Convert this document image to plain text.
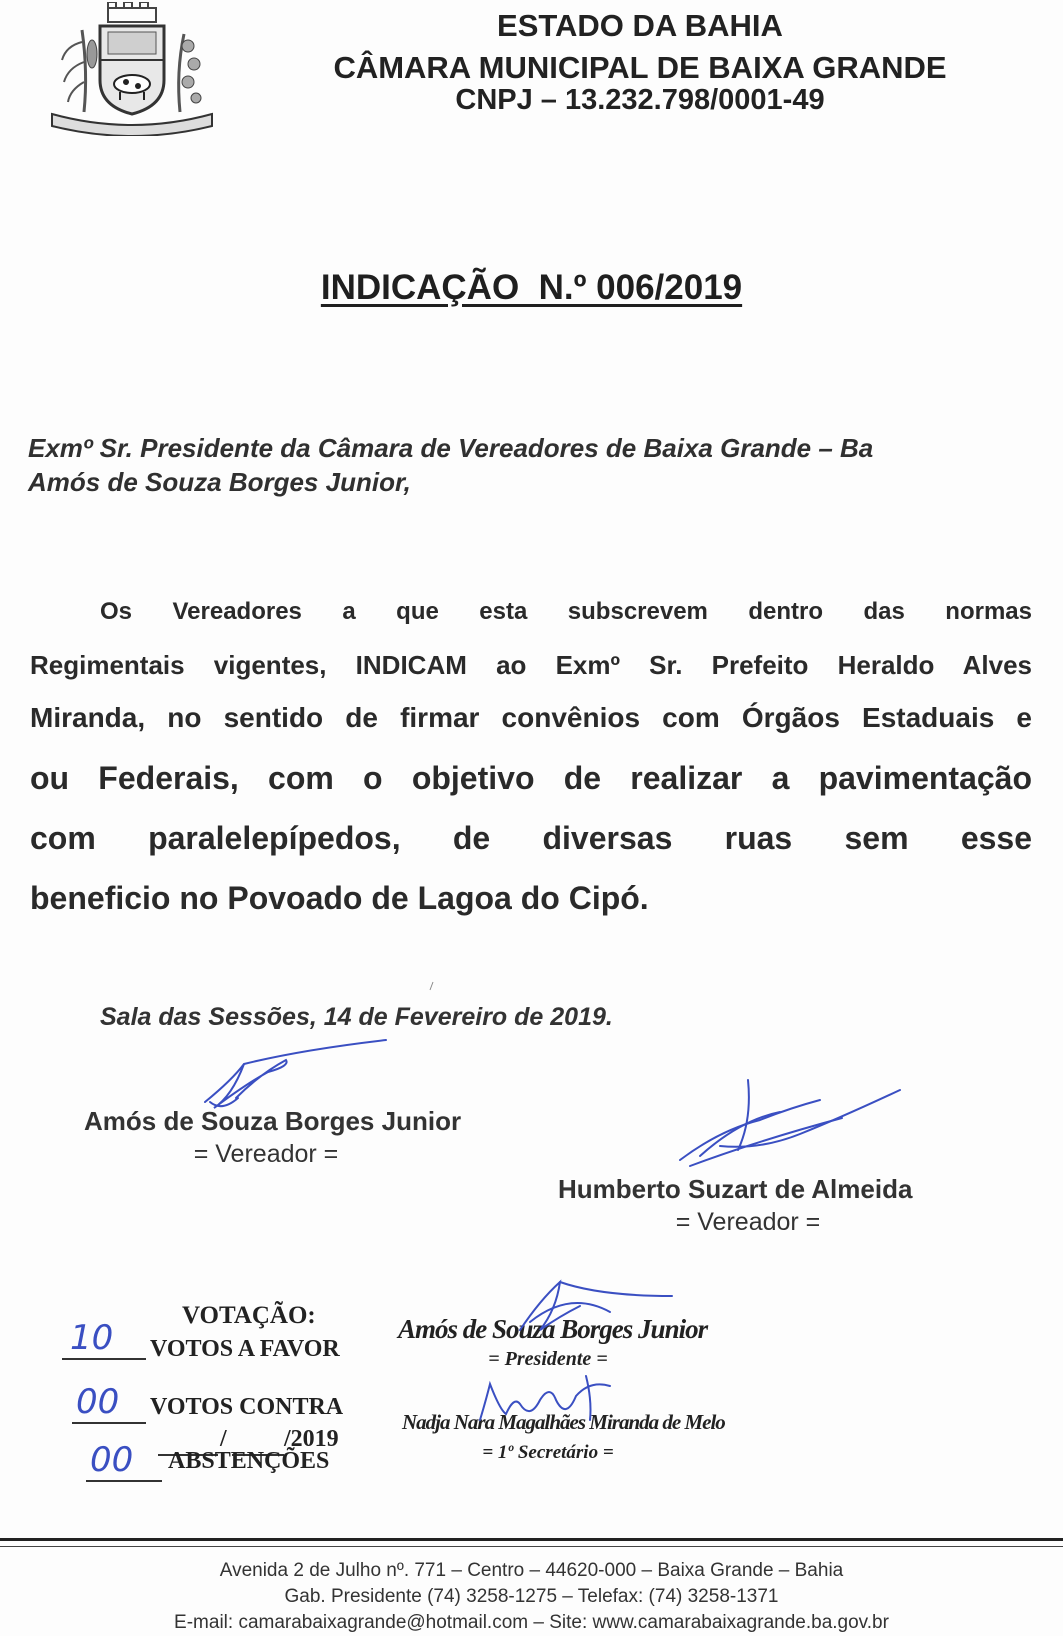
ESTADO DA BAHIA
CÂMARA MUNICIPAL DE BAIXA GRANDE
CNPJ – 13.232.798/0001-49
INDICAÇÃO  N.º 006/2019
Exmº Sr. Presidente da Câmara de Vereadores de Baixa Grande – Ba
Amós de Souza Borges Junior,
Os Vereadores a que esta subscrevem dentro das normas
Regimentais vigentes, INDICAM ao Exmº Sr. Prefeito Heraldo Alves
Miranda, no sentido de firmar convênios com Órgãos Estaduais e
ou Federais, com o objetivo de realizar a pavimentação
com paralelepípedos, de diversas ruas sem esse
beneficio no Povoado de Lagoa do Cipó.
Sala das Sessões, 14 de Fevereiro de 2019.
Amós de Souza Borges Junior
= Vereador =
Humberto Suzart de Almeida
= Vereador =
VOTAÇÃO:
10 VOTOS A FAVOR
00 VOTOS CONTRA
/ /2019
00 ABSTENÇÕES
Amós de Souza Borges Junior
= Presidente =
Nadja Nara Magalhães Miranda de Melo
= 1º Secretário =
Avenida 2 de Julho nº. 771 – Centro – 44620-000 – Baixa Grande – Bahia
Gab. Presidente (74) 3258-1275 – Telefax: (74) 3258-1371
E-mail: camarabaixagrande@hotmail.com – Site: www.camarabaixagrande.ba.gov.br
